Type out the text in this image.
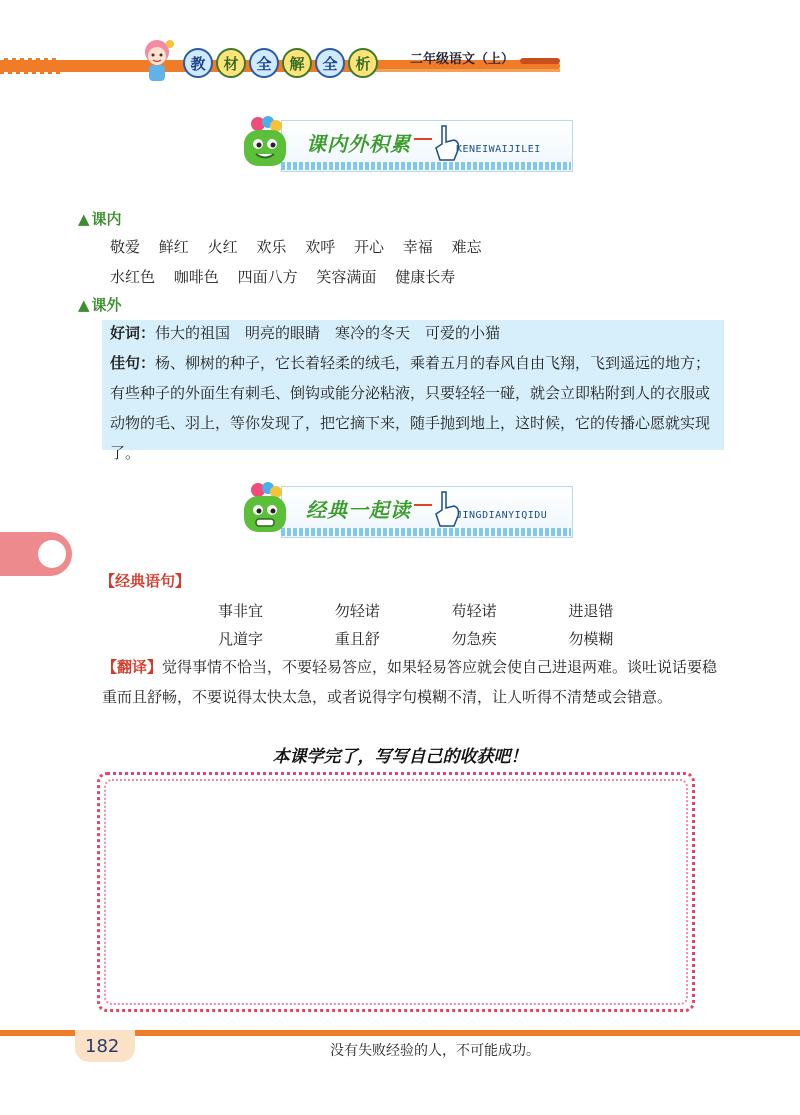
教	材	全	解	全	析	二年级语文（上）
课内外积累	KENEIWAIJILEI
▲ 课内
敬爱 鲜红 火红 欢乐 欢呼 开心 幸福 难忘
水红色 咖啡色 四面八方 笑容满面 健康长寿
▲ 课外
好词：伟大的祖国　明亮的眼睛　寒冷的冬天　可爱的小猫
佳句：杨、柳树的种子，它长着轻柔的绒毛，乘着五月的春风自由飞翔，飞到遥远的地方；有些种子的外面生有刺毛、倒钩或能分泌粘液，只要轻轻一碰，就会立即粘附到人的衣服或动物的毛、羽上，等你发现了，把它摘下来，随手抛到地上，这时候，它的传播心愿就实现了。
经典一起读	JINGDIANYIQIDU
【经典语句】
事非宜	勿轻诺	苟轻诺	进退错
凡道字	重且舒	勿急疾	勿模糊
【翻译】觉得事情不恰当，不要轻易答应，如果轻易答应就会使自己进退两难。谈吐说话要稳重而且舒畅，不要说得太快太急，或者说得字句模糊不清，让人听得不清楚或会错意。
本课学完了，写写自己的收获吧！
182	没有失败经验的人，不可能成功。
